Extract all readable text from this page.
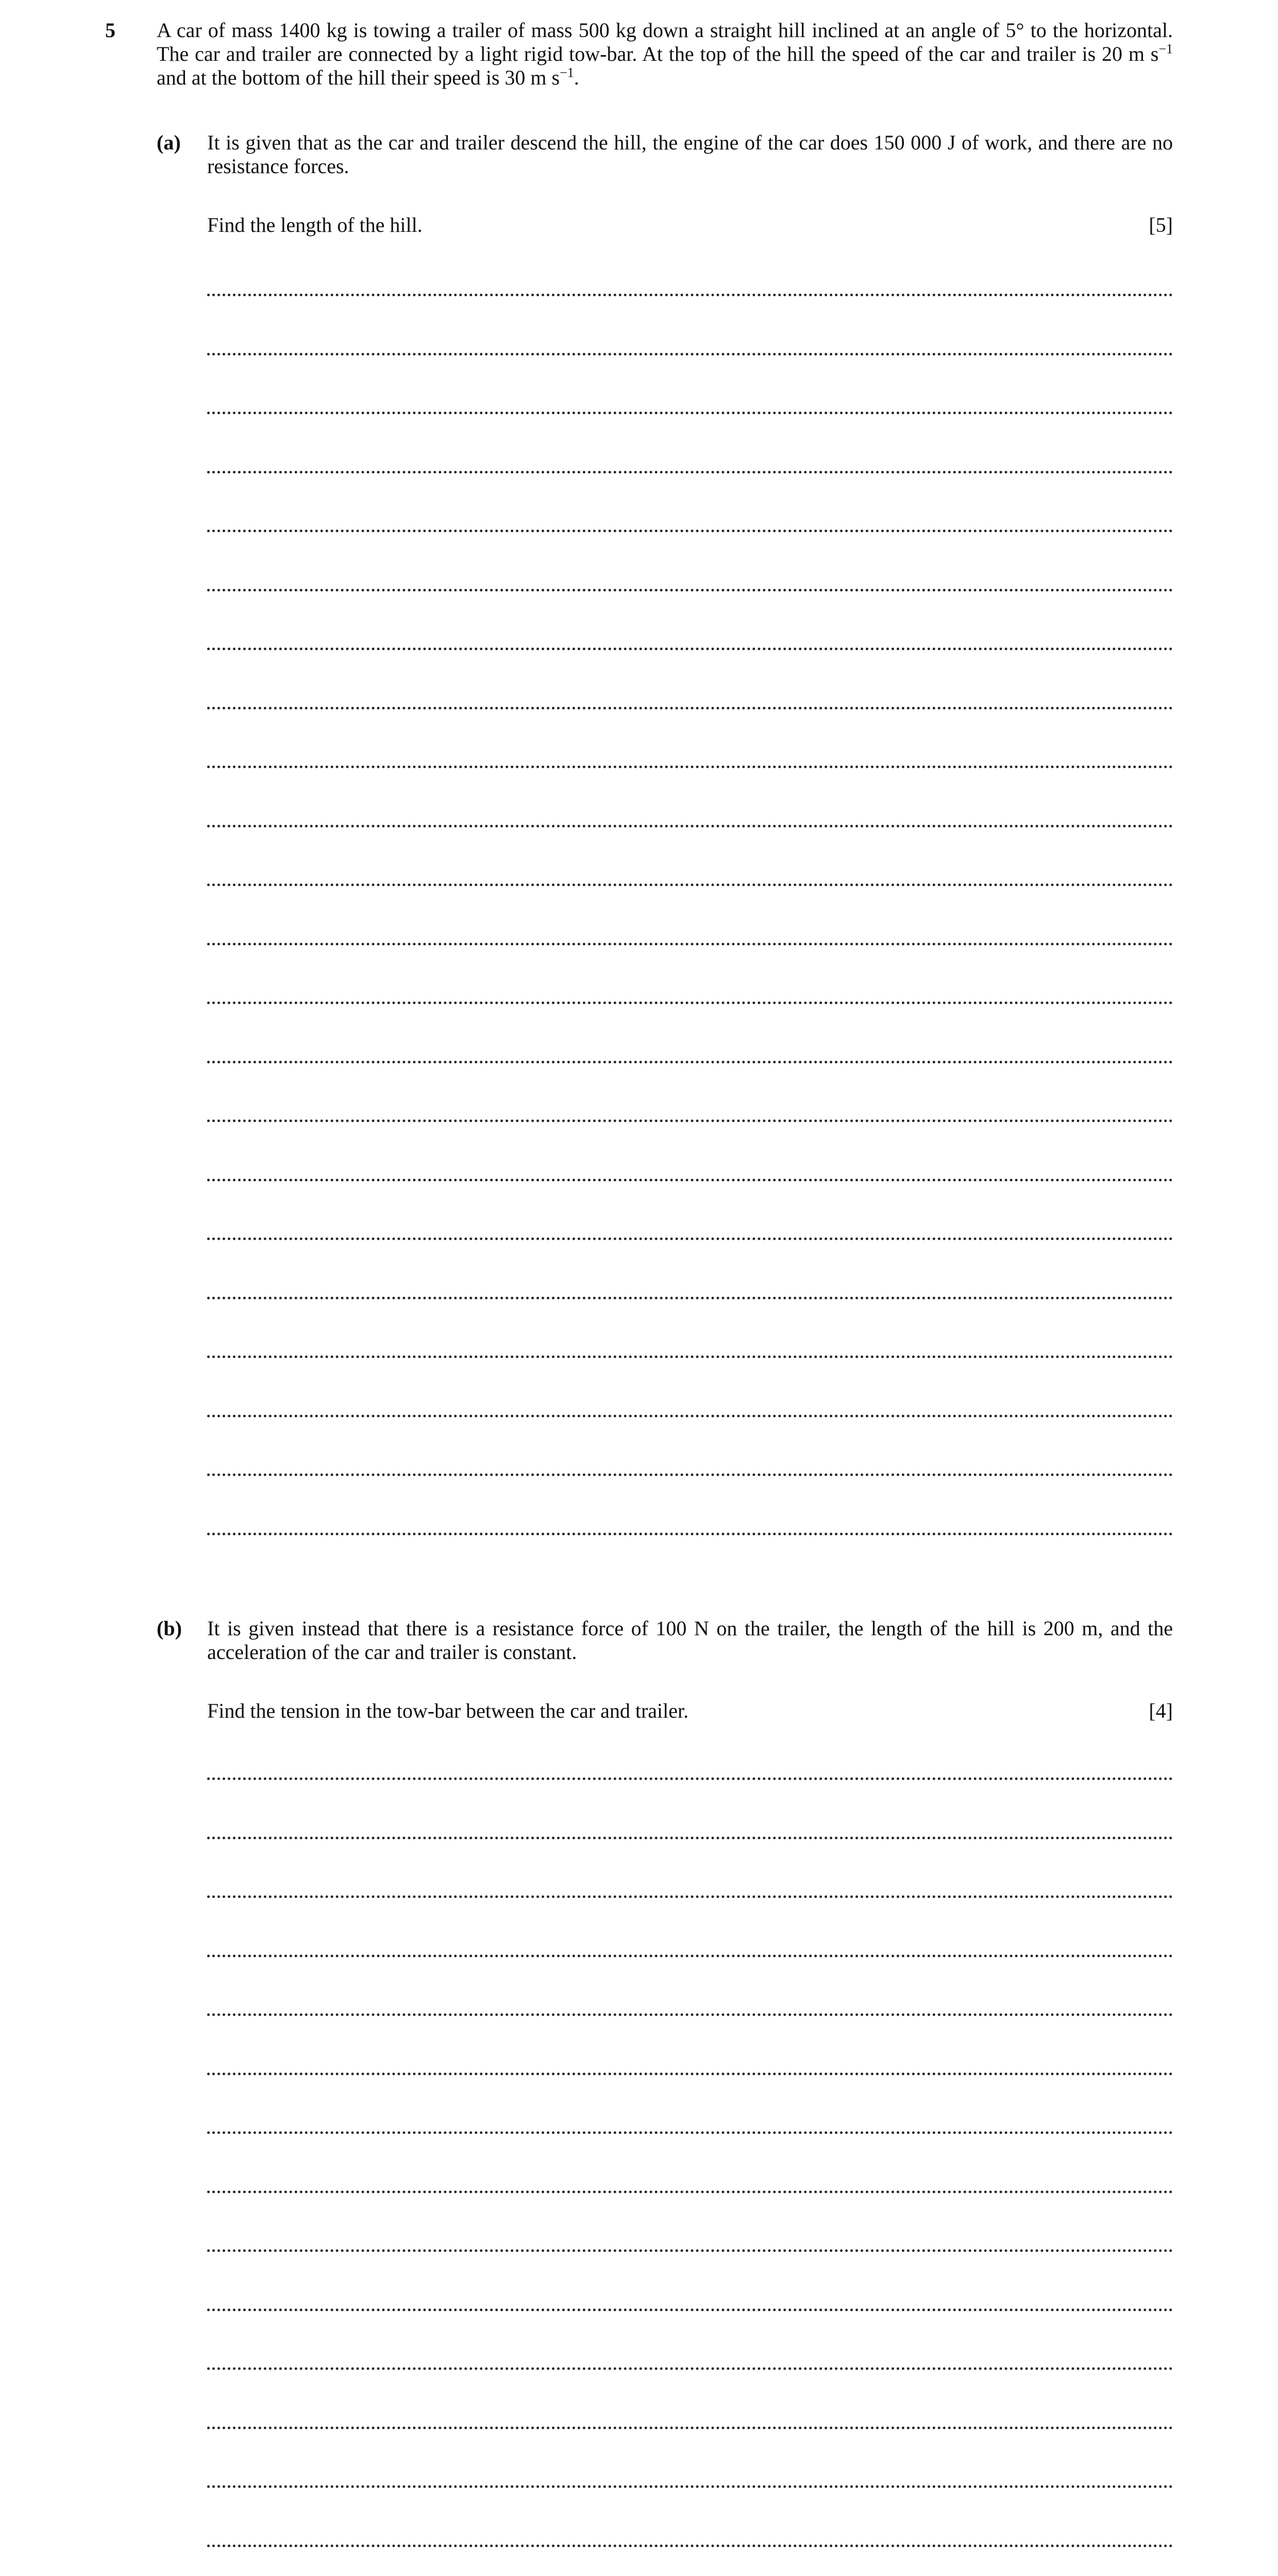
5 A car of mass 1400 kg is towing a trailer of mass 500 kg down a straight hill inclined at an angle of 5° to the horizontal. The car and trailer are connected by a light rigid tow-bar. At the top of the hill the speed of the car and trailer is 20 m $s^{-1}$ and at the bottom of the hill their speed is 30 m $s^{-1}$.
(a) It is given that as the car and trailer descend the hill, the engine of the car does 150 000 J of work, and there are no resistance forces.
Find the length of the hill.	[5]
(b) It is given instead that there is a resistance force of 100 N on the trailer, the length of the hill is 200 m, and the acceleration of the car and trailer is constant.
Find the tension in the tow-bar between the car and trailer.	[4]
